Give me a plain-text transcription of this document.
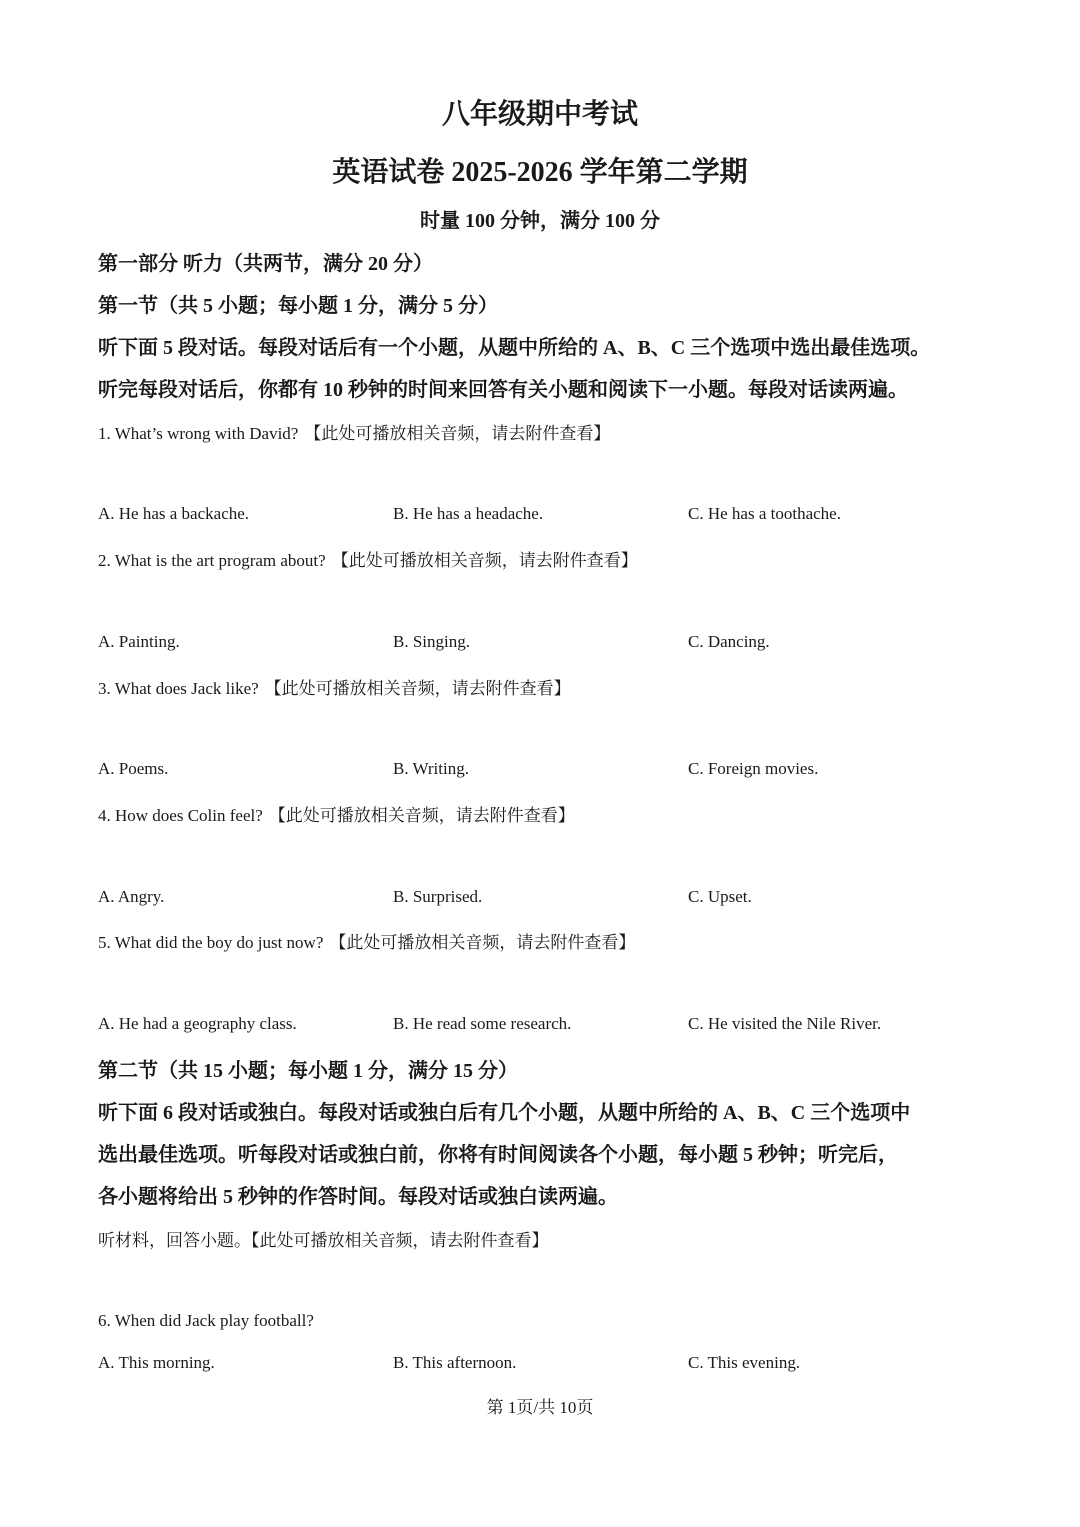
八年级期中考试
英语试卷 2025-2026 学年第二学期
时量 100 分钟，满分 100 分
第一部分 听力（共两节，满分 20 分）
第一节（共 5 小题；每小题 1 分，满分 5 分）
听下面 5 段对话。每段对话后有一个小题，从题中所给的 A、B、C 三个选项中选出最佳选项。
听完每段对话后，你都有 10 秒钟的时间来回答有关小题和阅读下一小题。每段对话读两遍。
1. What’s wrong with David? 【此处可播放相关音频，请去附件查看】
A. He has a backache.	B. He has a headache.	C. He has a toothache.
2. What is the art program about? 【此处可播放相关音频，请去附件查看】
A. Painting.	B. Singing.	C. Dancing.
3. What does Jack like? 【此处可播放相关音频，请去附件查看】
A. Poems.	B. Writing.	C. Foreign movies.
4. How does Colin feel? 【此处可播放相关音频，请去附件查看】
A. Angry.	B. Surprised.	C. Upset.
5. What did the boy do just now? 【此处可播放相关音频，请去附件查看】
A. He had a geography class.	B. He read some research.	C. He visited the Nile River.
第二节（共 15 小题；每小题 1 分，满分 15 分）
听下面 6 段对话或独白。每段对话或独白后有几个小题，从题中所给的 A、B、C 三个选项中
选出最佳选项。听每段对话或独白前，你将有时间阅读各个小题，每小题 5 秒钟；听完后，
各小题将给出 5 秒钟的作答时间。每段对话或独白读两遍。
听材料，回答小题。【此处可播放相关音频，请去附件查看】
6. When did Jack play football?
A. This morning.	B. This afternoon.	C. This evening.
第 1页/共 10页
